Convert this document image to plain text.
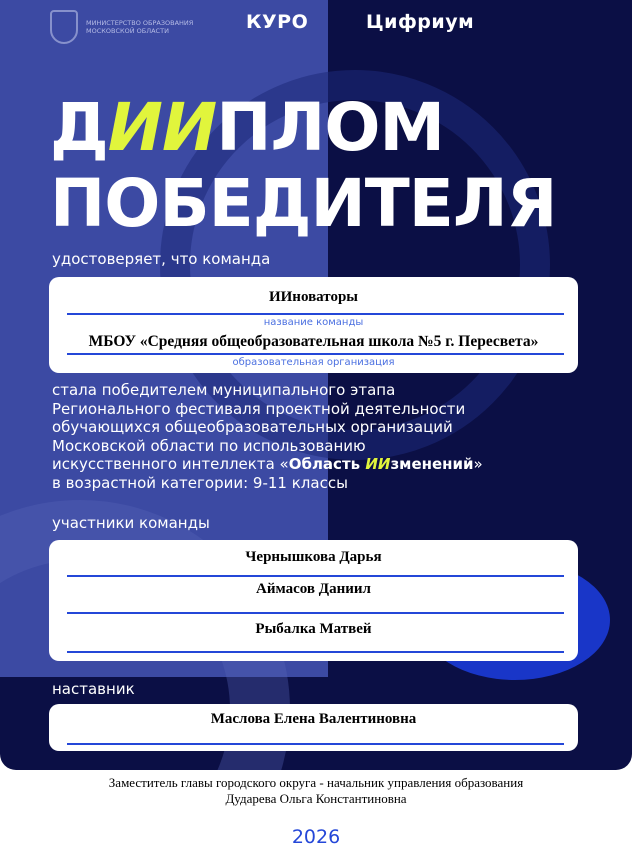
МИНИСТЕРСТВО ОБРАЗОВАНИЯ МОСКОВСКОЙ ОБЛАСТИ	КУРО	Цифриум
ДИИПЛОМ
ПОБЕДИТЕЛЯ
удостоверяет, что команда
ИИноваторы
название команды
МБОУ «Средняя общеобразовательная школа №5 г. Пересвета»
образовательная организация
стала победителем муниципального этапа
Регионального фестиваля проектной деятельности
обучающихся общеобразовательных организаций
Московской области по использованию
искусственного интеллекта «Область ИИзменений»
в возрастной категории: 9-11 классы
участники команды
Чернышкова Дарья
Аймасов Даниил
Рыбалка Матвей
наставник
Маслова Елена Валентиновна
Заместитель главы городского округа - начальник управления образования
Дударева Ольга Константиновна
2026
